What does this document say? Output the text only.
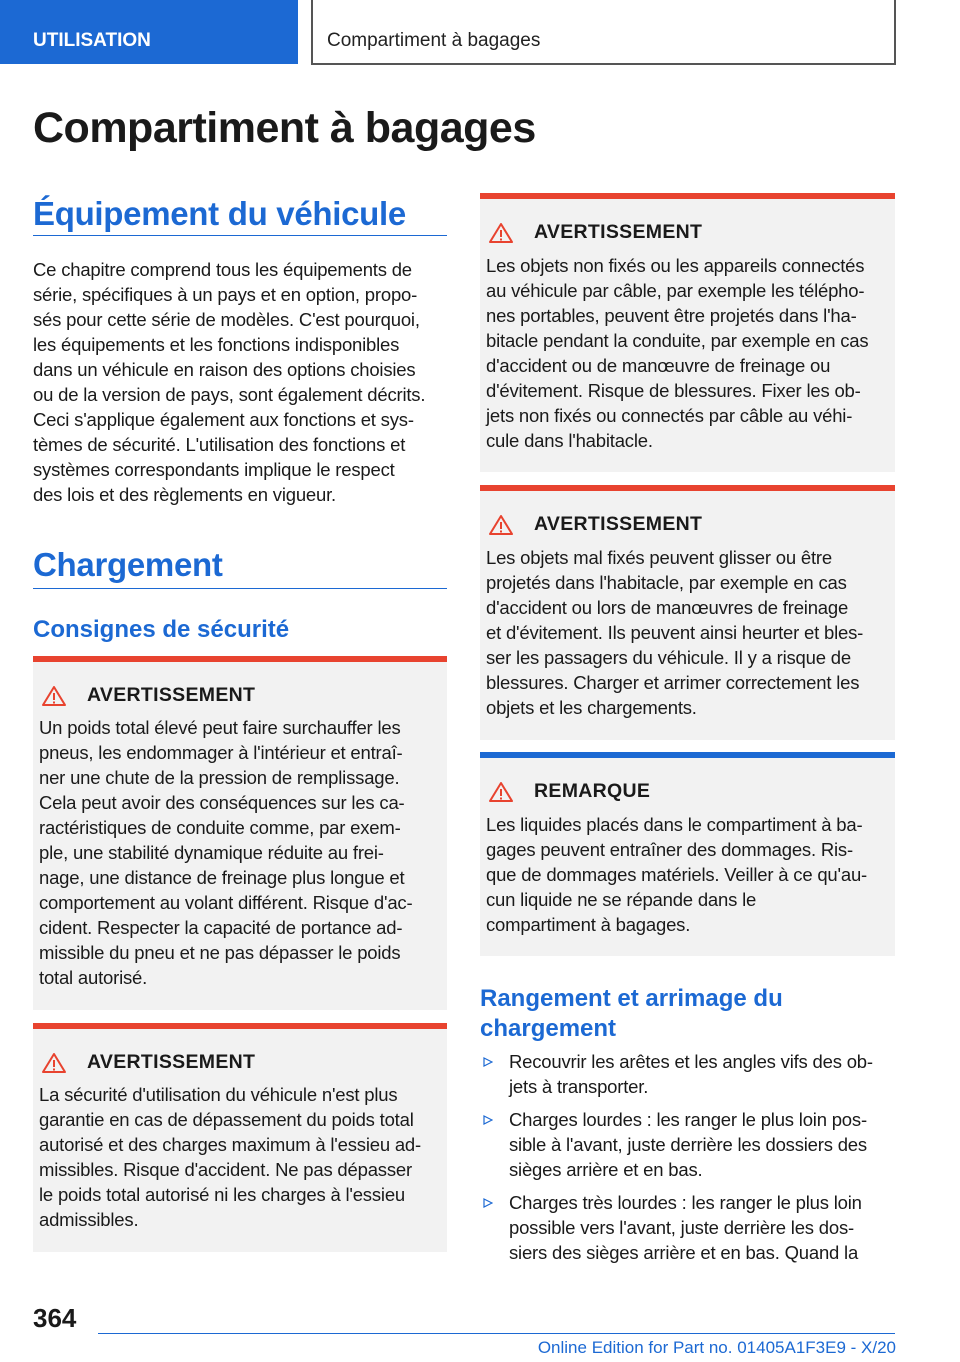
UTILISATION	Compartiment à bagages
Compartiment à bagages
Équipement du véhicule
Ce chapitre comprend tous les équipements de
série, spécifiques à un pays et en option, propo-
sés pour cette série de modèles. C'est pourquoi,
les équipements et les fonctions indisponibles
dans un véhicule en raison des options choisies
ou de la version de pays, sont également décrits.
Ceci s'applique également aux fonctions et sys-
tèmes de sécurité. L'utilisation des fonctions et
systèmes correspondants implique le respect
des lois et des règlements en vigueur.
Chargement
Consignes de sécurité
AVERTISSEMENT
Un poids total élevé peut faire surchauffer les
pneus, les endommager à l'intérieur et entraî-
ner une chute de la pression de remplissage.
Cela peut avoir des conséquences sur les ca-
ractéristiques de conduite comme, par exem-
ple, une stabilité dynamique réduite au frei-
nage, une distance de freinage plus longue et
comportement au volant différent. Risque d'ac-
cident. Respecter la capacité de portance ad-
missible du pneu et ne pas dépasser le poids
total autorisé.
AVERTISSEMENT
La sécurité d'utilisation du véhicule n'est plus
garantie en cas de dépassement du poids total
autorisé et des charges maximum à l'essieu ad-
missibles. Risque d'accident. Ne pas dépasser
le poids total autorisé ni les charges à l'essieu
admissibles.
AVERTISSEMENT
Les objets non fixés ou les appareils connectés
au véhicule par câble, par exemple les télépho-
nes portables, peuvent être projetés dans l'ha-
bitacle pendant la conduite, par exemple en cas
d'accident ou de manœuvre de freinage ou
d'évitement. Risque de blessures. Fixer les ob-
jets non fixés ou connectés par câble au véhi-
cule dans l'habitacle.
AVERTISSEMENT
Les objets mal fixés peuvent glisser ou être
projetés dans l'habitacle, par exemple en cas
d'accident ou lors de manœuvres de freinage
et d'évitement. Ils peuvent ainsi heurter et bles-
ser les passagers du véhicule. Il y a risque de
blessures. Charger et arrimer correctement les
objets et les chargements.
REMARQUE
Les liquides placés dans le compartiment à ba-
gages peuvent entraîner des dommages. Ris-
que de dommages matériels. Veiller à ce qu'au-
cun liquide ne se répande dans le
compartiment à bagages.
Rangement et arrimage du
chargement
Recouvrir les arêtes et les angles vifs des ob-
jets à transporter.
Charges lourdes : les ranger le plus loin pos-
sible à l'avant, juste derrière les dossiers des
sièges arrière et en bas.
Charges très lourdes : les ranger le plus loin
possible vers l'avant, juste derrière les dos-
siers des sièges arrière et en bas. Quand la
364
Online Edition for Part no. 01405A1F3E9 - X/20
